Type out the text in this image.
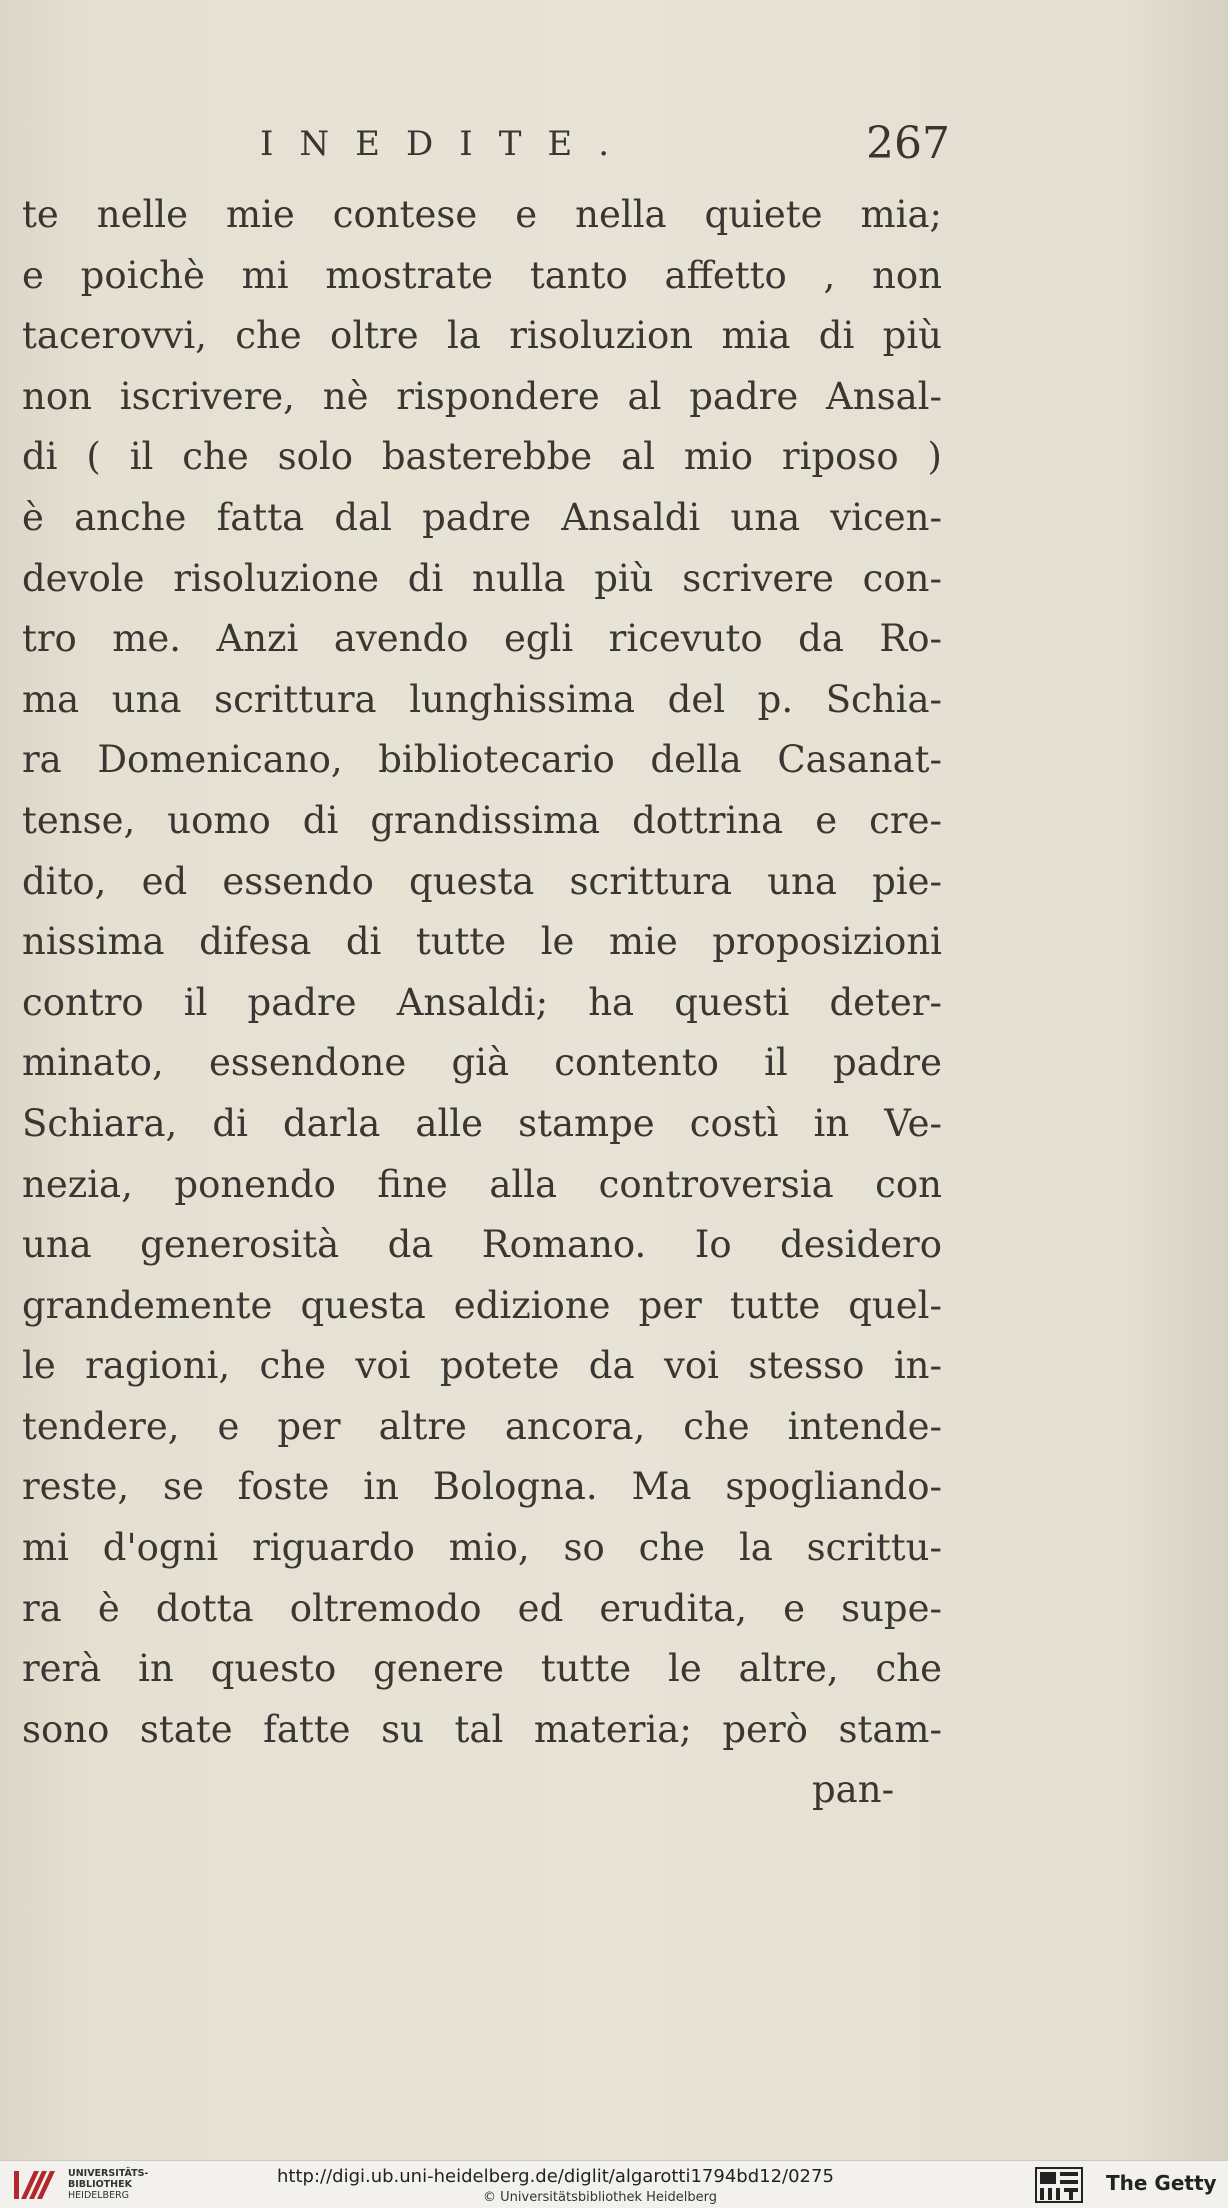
INEDITE.	267
te nelle mie contese e nella quiete mia;
e poichè mi mostrate tanto affetto , non
tacerovvi, che oltre la risoluzion mia di più
non iscrivere, nè rispondere al padre Ansal-
di ( il che solo basterebbe al mio riposo )
è anche fatta dal padre Ansaldi una vicen-
devole risoluzione di nulla più scrivere con-
tro me. Anzi avendo egli ricevuto da Ro-
ma una scrittura lunghissima del p. Schia-
ra Domenicano, bibliotecario della Casanat-
tense, uomo di grandissima dottrina e cre-
dito, ed essendo questa scrittura una pie-
nissima difesa di tutte le mie proposizioni
contro il padre Ansaldi; ha questi deter-
minato, essendone già contento il padre
Schiara, di darla alle stampe costì in Ve-
nezia, ponendo fine alla controversia con
una generosità da Romano. Io desidero
grandemente questa edizione per tutte quel-
le ragioni, che voi potete da voi stesso in-
tendere, e per altre ancora, che intende-
reste, se foste in Bologna. Ma spogliando-
mi d'ogni riguardo mio, so che la scrittu-
ra è dotta oltremodo ed erudita, e supe-
rerà in questo genere tutte le altre, che
sono state fatte su tal materia; però stam-
pan-
UNIVERSITÄTS-
BIBLIOTHEK
HEIDELBERG
http://digi.ub.uni-heidelberg.de/diglit/algarotti1794bd12/0275
© Universitätsbibliothek Heidelberg
The Getty
